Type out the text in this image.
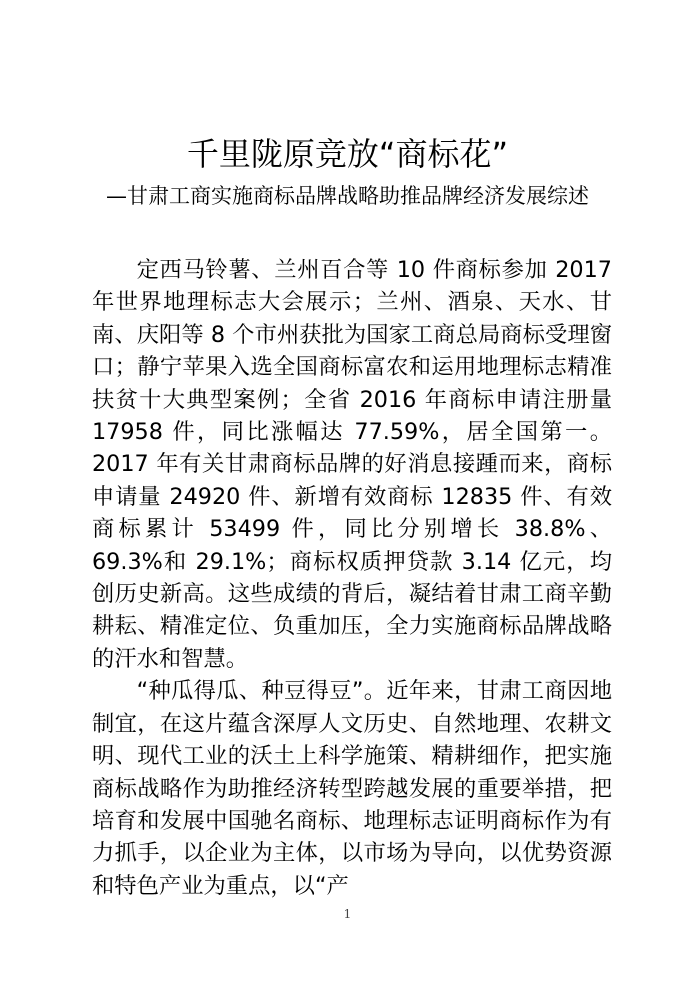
千里陇原竞放“商标花”
—甘肃工商实施商标品牌战略助推品牌经济发展综述

定西马铃薯、兰州百合等 10 件商标参加 2017 年世界地理标志大会展示；兰州、酒泉、天水、甘南、庆阳等 8 个市州获批为国家工商总局商标受理窗口；静宁苹果入选全国商标富农和运用地理标志精准扶贫十大典型案例；全省 2016 年商标申请注册量 17958 件，同比涨幅达 77.59%，居全国第一。2017 年有关甘肃商标品牌的好消息接踵而来，商标申请量 24920 件、新增有效商标 12835 件、有效商标累计 53499 件，同比分别增长 38.8%、69.3%和 29.1%；商标权质押贷款 3.14 亿元，均创历史新高。这些成绩的背后，凝结着甘肃工商辛勤耕耘、精准定位、负重加压，全力实施商标品牌战略的汗水和智慧。

“种瓜得瓜、种豆得豆”。近年来，甘肃工商因地制宜，在这片蕴含深厚人文历史、自然地理、农耕文明、现代工业的沃土上科学施策、精耕细作，把实施商标战略作为助推经济转型跨越发展的重要举措，把培育和发展中国驰名商标、地理标志证明商标作为有力抓手，以企业为主体，以市场为导向，以优势资源和特色产业为重点，以“产

1
